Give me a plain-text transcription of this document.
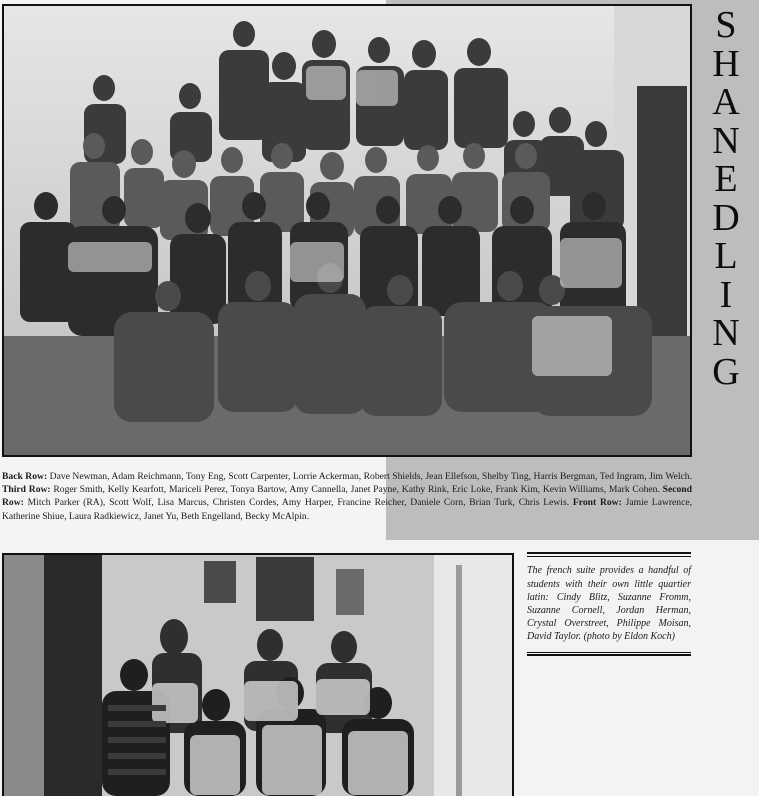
S
H
A
N
E
D
L
I
N
G
Back Row: Dave Newman, Adam Reichmann, Tony Eng, Scott Carpenter, Lorrie Ackerman, Robert Shields, Jean Ellefson, Shelby Ting, Harris Bergman, Ted Ingram, Jim Welch. Third Row: Roger Smith, Kelly Kearfott, Mariceli Perez, Tonya Bartow, Amy Cannella, Janet Payne, Kathy Rink, Eric Loke, Frank Kim, Kevin Williams, Mark Cohen. Second Row: Mitch Parker (RA), Scott Wolf, Lisa Marcus, Christen Cordes, Amy Harper, Francine Reicher, Daniele Corn, Brian Turk, Chris Lewis. Front Row: Jamie Lawrence, Katherine Shiue, Laura Radkiewicz, Janet Yu, Beth Engelland, Becky McAlpin.
The french suite provides a handful of students with their own little quartier latin: Cindy Blitz, Suzanne Fromm, Suzanne Cornell, Jordan Herman, Crystal Overstreet, Philippe Moisan, David Taylor. (photo by Eldon Koch)
